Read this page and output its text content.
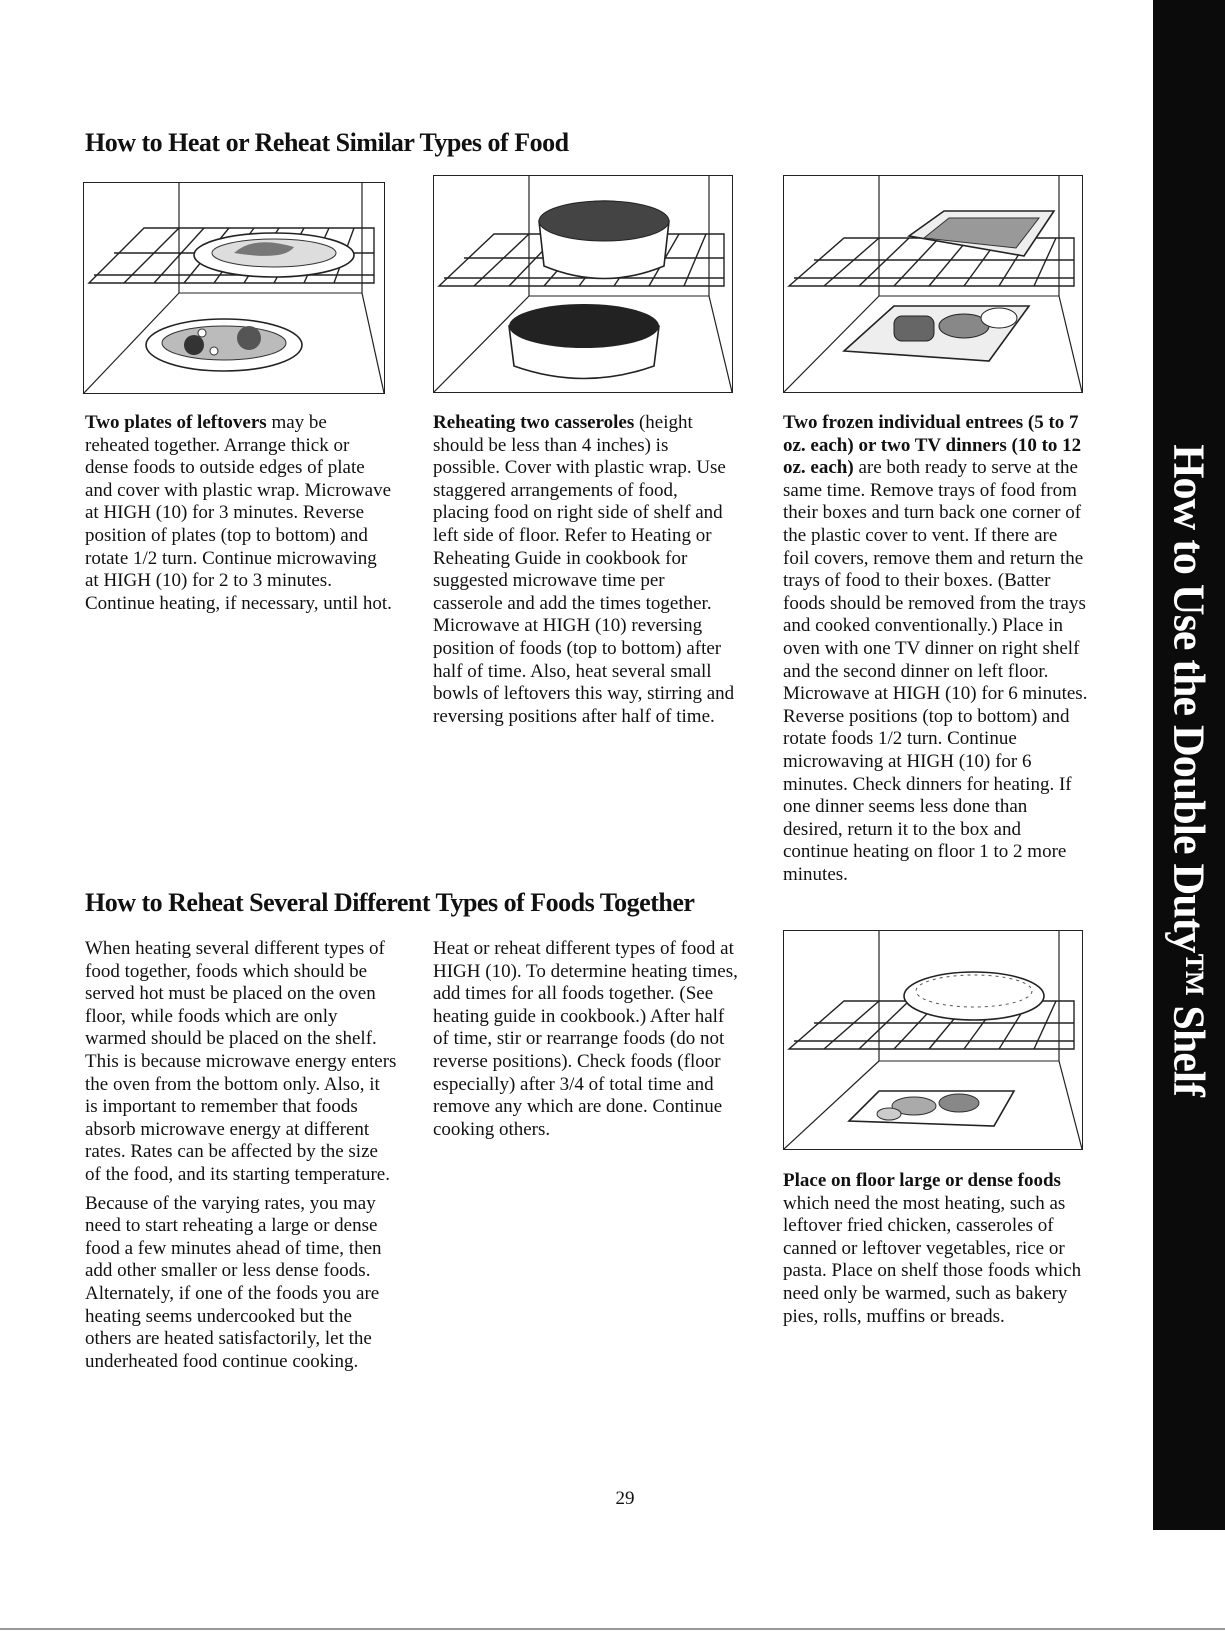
How to Heat or Reheat Similar Types of Food

Two plates of leftovers may be reheated together. Arrange thick or dense foods to outside edges of plate and cover with plastic wrap. Microwave at HIGH (10) for 3 minutes. Reverse position of plates (top to bottom) and rotate 1/2 turn. Continue microwaving at HIGH (10) for 2 to 3 minutes. Continue heating, if necessary, until hot.

Reheating two casseroles (height should be less than 4 inches) is possible. Cover with plastic wrap. Use staggered arrangements of food, placing food on right side of shelf and left side of floor. Refer to Heating or Reheating Guide in cookbook for suggested microwave time per casserole and add the times together. Microwave at HIGH (10) reversing position of foods (top to bottom) after half of time. Also, heat several small bowls of leftovers this way, stirring and reversing positions after half of time.

Two frozen individual entrees (5 to 7 oz. each) or two TV dinners (10 to 12 oz. each) are both ready to serve at the same time. Remove trays of food from their boxes and turn back one corner of the plastic cover to vent. If there are foil covers, remove them and return the trays of food to their boxes. (Batter foods should be removed from the trays and cooked conventionally.) Place in oven with one TV dinner on right shelf and the second dinner on left floor. Microwave at HIGH (10) for 6 minutes. Reverse positions (top to bottom) and rotate foods 1/2 turn. Continue microwaving at HIGH (10) for 6 minutes. Check dinners for heating. If one dinner seems less done than desired, return it to the box and continue heating on floor 1 to 2 more minutes.

How to Reheat Several Different Types of Foods Together

When heating several different types of food together, foods which should be served hot must be placed on the oven floor, while foods which are only warmed should be placed on the shelf. This is because microwave energy enters the oven from the bottom only. Also, it is important to remember that foods absorb microwave energy at different rates. Rates can be affected by the size of the food, and its starting temperature.

Because of the varying rates, you may need to start reheating a large or dense food a few minutes ahead of time, then add other smaller or less dense foods. Alternately, if one of the foods you are heating seems undercooked but the others are heated satisfactorily, let the underheated food continue cooking.

Heat or reheat different types of food at HIGH (10). To determine heating times, add times for all foods together. (See heating guide in cookbook.) After half of time, stir or rearrange foods (do not reverse positions). Check foods (floor especially) after 3/4 of total time and remove any which are done. Continue cooking others.

Place on floor large or dense foods which need the most heating, such as leftover fried chicken, casseroles of canned or leftover vegetables, rice or pasta. Place on shelf those foods which need only be warmed, such as bakery pies, rolls, muffins or breads.

How to Use the Double Duty™ Shelf
29
